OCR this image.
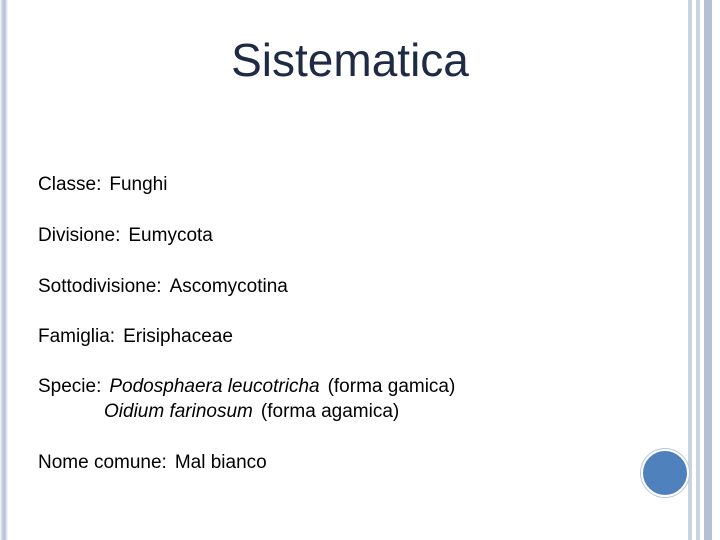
Sistematica
Classe: Funghi
Divisione: Eumycota
Sottodivisione: Ascomycotina
Famiglia: Erisiphaceae
Specie: Podosphaera leucotricha (forma gamica)
Oidium farinosum (forma agamica)
Nome comune: Mal bianco
